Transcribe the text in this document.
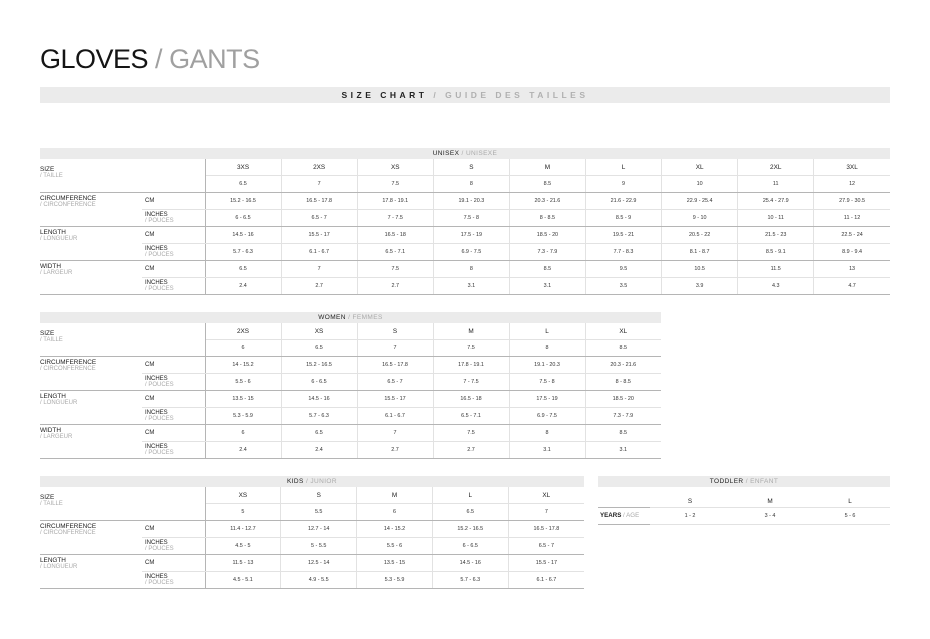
GLOVES / GANTS
SIZE CHART / GUIDE DES TAILLES
UNISEX / UNISEXE
SIZE
/ TAILLE		3XS	2XS	XS	S	M	L	XL	2XL	3XL
		6.5	7	7.5	8	8.5	9	10	11	12

CIRCUMFERENCE
/ CIRCONFERENCE	CM	15.2 - 16.5	16.5 - 17.8	17.8 - 19.1	19.1 - 20.3	20.3 - 21.6	21.6 - 22.9	22.9 - 25.4	25.4 - 27.9	27.9 - 30.5

	INCHES
/ POUCES	6 - 6.5	6.5 - 7	7 - 7.5	7.5 - 8	8 - 8.5	8.5 - 9	9 - 10	10 - 11	11 - 12

LENGTH
/ LONGUEUR	CM	14.5 - 16	15.5 - 17	16.5 - 18	17.5 - 19	18.5 - 20	19.5 - 21	20.5 - 22	21.5 - 23	22.5 - 24

	INCHES
/ POUCES	5.7 - 6.3	6.1 - 6.7	6.5 - 7.1	6.9 - 7.5	7.3 - 7.9	7.7 - 8.3	8.1 - 8.7	8.5 - 9.1	8.9 - 9.4

WIDTH
/ LARGEUR	CM	6.5	7	7.5	8	8.5	9.5	10.5	11.5	13

	INCHES
/ POUCES	2.4	2.7	2.7	3.1	3.1	3.5	3.9	4.3	4.7
WOMEN / FEMMES
SIZE
/ TAILLE		2XS	XS	S	M	L	XL
		6	6.5	7	7.5	8	8.5

CIRCUMFERENCE
/ CIRCONFERENCE	CM	14 - 15.2	15.2 - 16.5	16.5 - 17.8	17.8 - 19.1	19.1 - 20.3	20.3 - 21.6

	INCHES
/ POUCES	5.5 - 6	6 - 6.5	6.5 - 7	7 - 7.5	7.5 - 8	8 - 8.5

LENGTH
/ LONGUEUR	CM	13.5 - 15	14.5 - 16	15.5 - 17	16.5 - 18	17.5 - 19	18.5 - 20

	INCHES
/ POUCES	5.3 - 5.9	5.7 - 6.3	6.1 - 6.7	6.5 - 7.1	6.9 - 7.5	7.3 - 7.9

WIDTH
/ LARGEUR	CM	6	6.5	7	7.5	8	8.5

	INCHES
/ POUCES	2.4	2.4	2.7	2.7	3.1	3.1
KIDS / JUNIOR
SIZE
/ TAILLE		XS	S	M	L	XL
		5	5.5	6	6.5	7

CIRCUMFERENCE
/ CIRCONFERENCE	CM	11.4 - 12.7	12.7 - 14	14 - 15.2	15.2 - 16.5	16.5 - 17.8

	INCHES
/ POUCES	4.5 - 5	5 - 5.5	5.5 - 6	6 - 6.5	6.5 - 7

LENGTH
/ LONGUEUR	CM	11.5 - 13	12.5 - 14	13.5 - 15	14.5 - 16	15.5 - 17

	INCHES
/ POUCES	4.5 - 5.1	4.9 - 5.5	5.3 - 5.9	5.7 - 6.3	6.1 - 6.7
TODDLER / ENFANT
	S	M	L
YEARS / AGE	1 - 2	3 - 4	5 - 6
